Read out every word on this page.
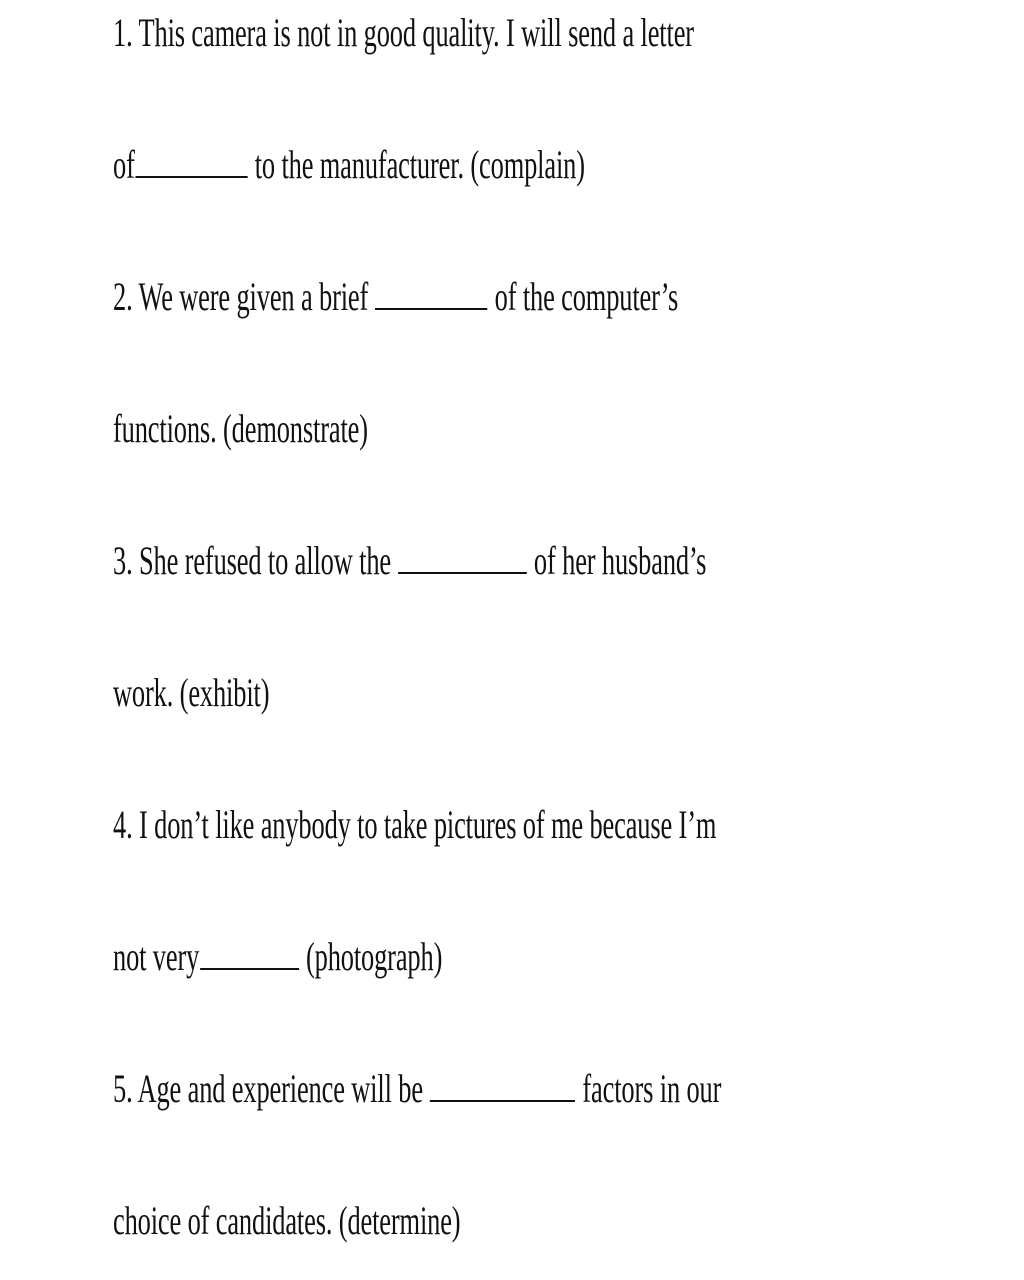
1. This camera is not in good quality. I will send a letter
of	to the manufacturer. (complain)
2. We were given a brief	of the computer’s
functions. (demonstrate)
3. She refused to allow the	of her husband’s
work. (exhibit)
4. I don’t like anybody to take pictures of me because I’m
not very	(photograph)
5. Age and experience will be	factors in our
choice of candidates. (determine)
